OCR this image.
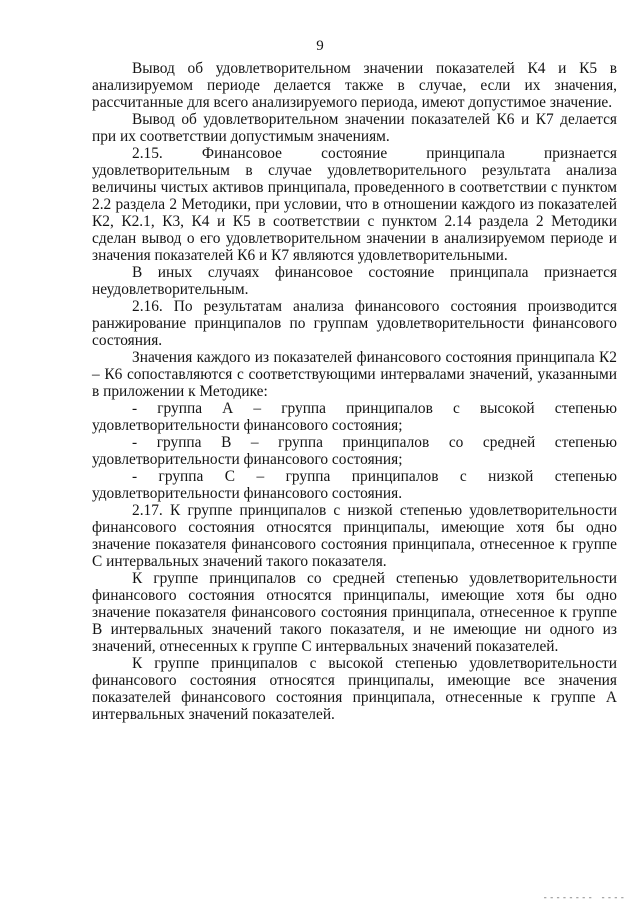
9

Вывод об удовлетворительном значении показателей К4 и К5 в анализируемом периоде делается также в случае, если их значения, рассчитанные для всего анализируемого периода, имеют допустимое значение.

Вывод об удовлетворительном значении показателей К6 и К7 делается при их соответствии допустимым значениям.

2.15. Финансовое состояние принципала признается удовлетворительным в случае удовлетворительного результата анализа величины чистых активов принципала, проведенного в соответствии с пунктом 2.2 раздела 2 Методики, при условии, что в отношении каждого из показателей К2, К2.1, К3, К4 и К5 в соответствии с пунктом 2.14 раздела 2 Методики сделан вывод о его удовлетворительном значении в анализируемом периоде и значения показателей К6 и К7 являются удовлетворительными.

В иных случаях финансовое состояние принципала признается неудовлетворительным.

2.16. По результатам анализа финансового состояния производится ранжирование принципалов по группам удовлетворительности финансового состояния.

Значения каждого из показателей финансового состояния принципала К2 – К6 сопоставляются с соответствующими интервалами значений, указанными в приложении к Методике:

- группа А – группа принципалов с высокой степенью удовлетворительности финансового состояния;

- группа В – группа принципалов со средней степенью удовлетворительности финансового состояния;

- группа С – группа принципалов с низкой степенью удовлетворительности финансового состояния.

2.17. К группе принципалов с низкой степенью удовлетворительности финансового состояния относятся принципалы, имеющие хотя бы одно значение показателя финансового состояния принципала, отнесенное к группе С интервальных значений такого показателя.

К группе принципалов со средней степенью удовлетворительности финансового состояния относятся принципалы, имеющие хотя бы одно значение показателя финансового состояния принципала, отнесенное к группе В интервальных значений такого показателя, и не имеющие ни одного из значений, отнесенных к группе С интервальных значений показателей.

К группе принципалов с высокой степенью удовлетворительности финансового состояния относятся принципалы, имеющие все значения показателей финансового состояния принципала, отнесенные к группе А интервальных значений показателей.

-------- ----
